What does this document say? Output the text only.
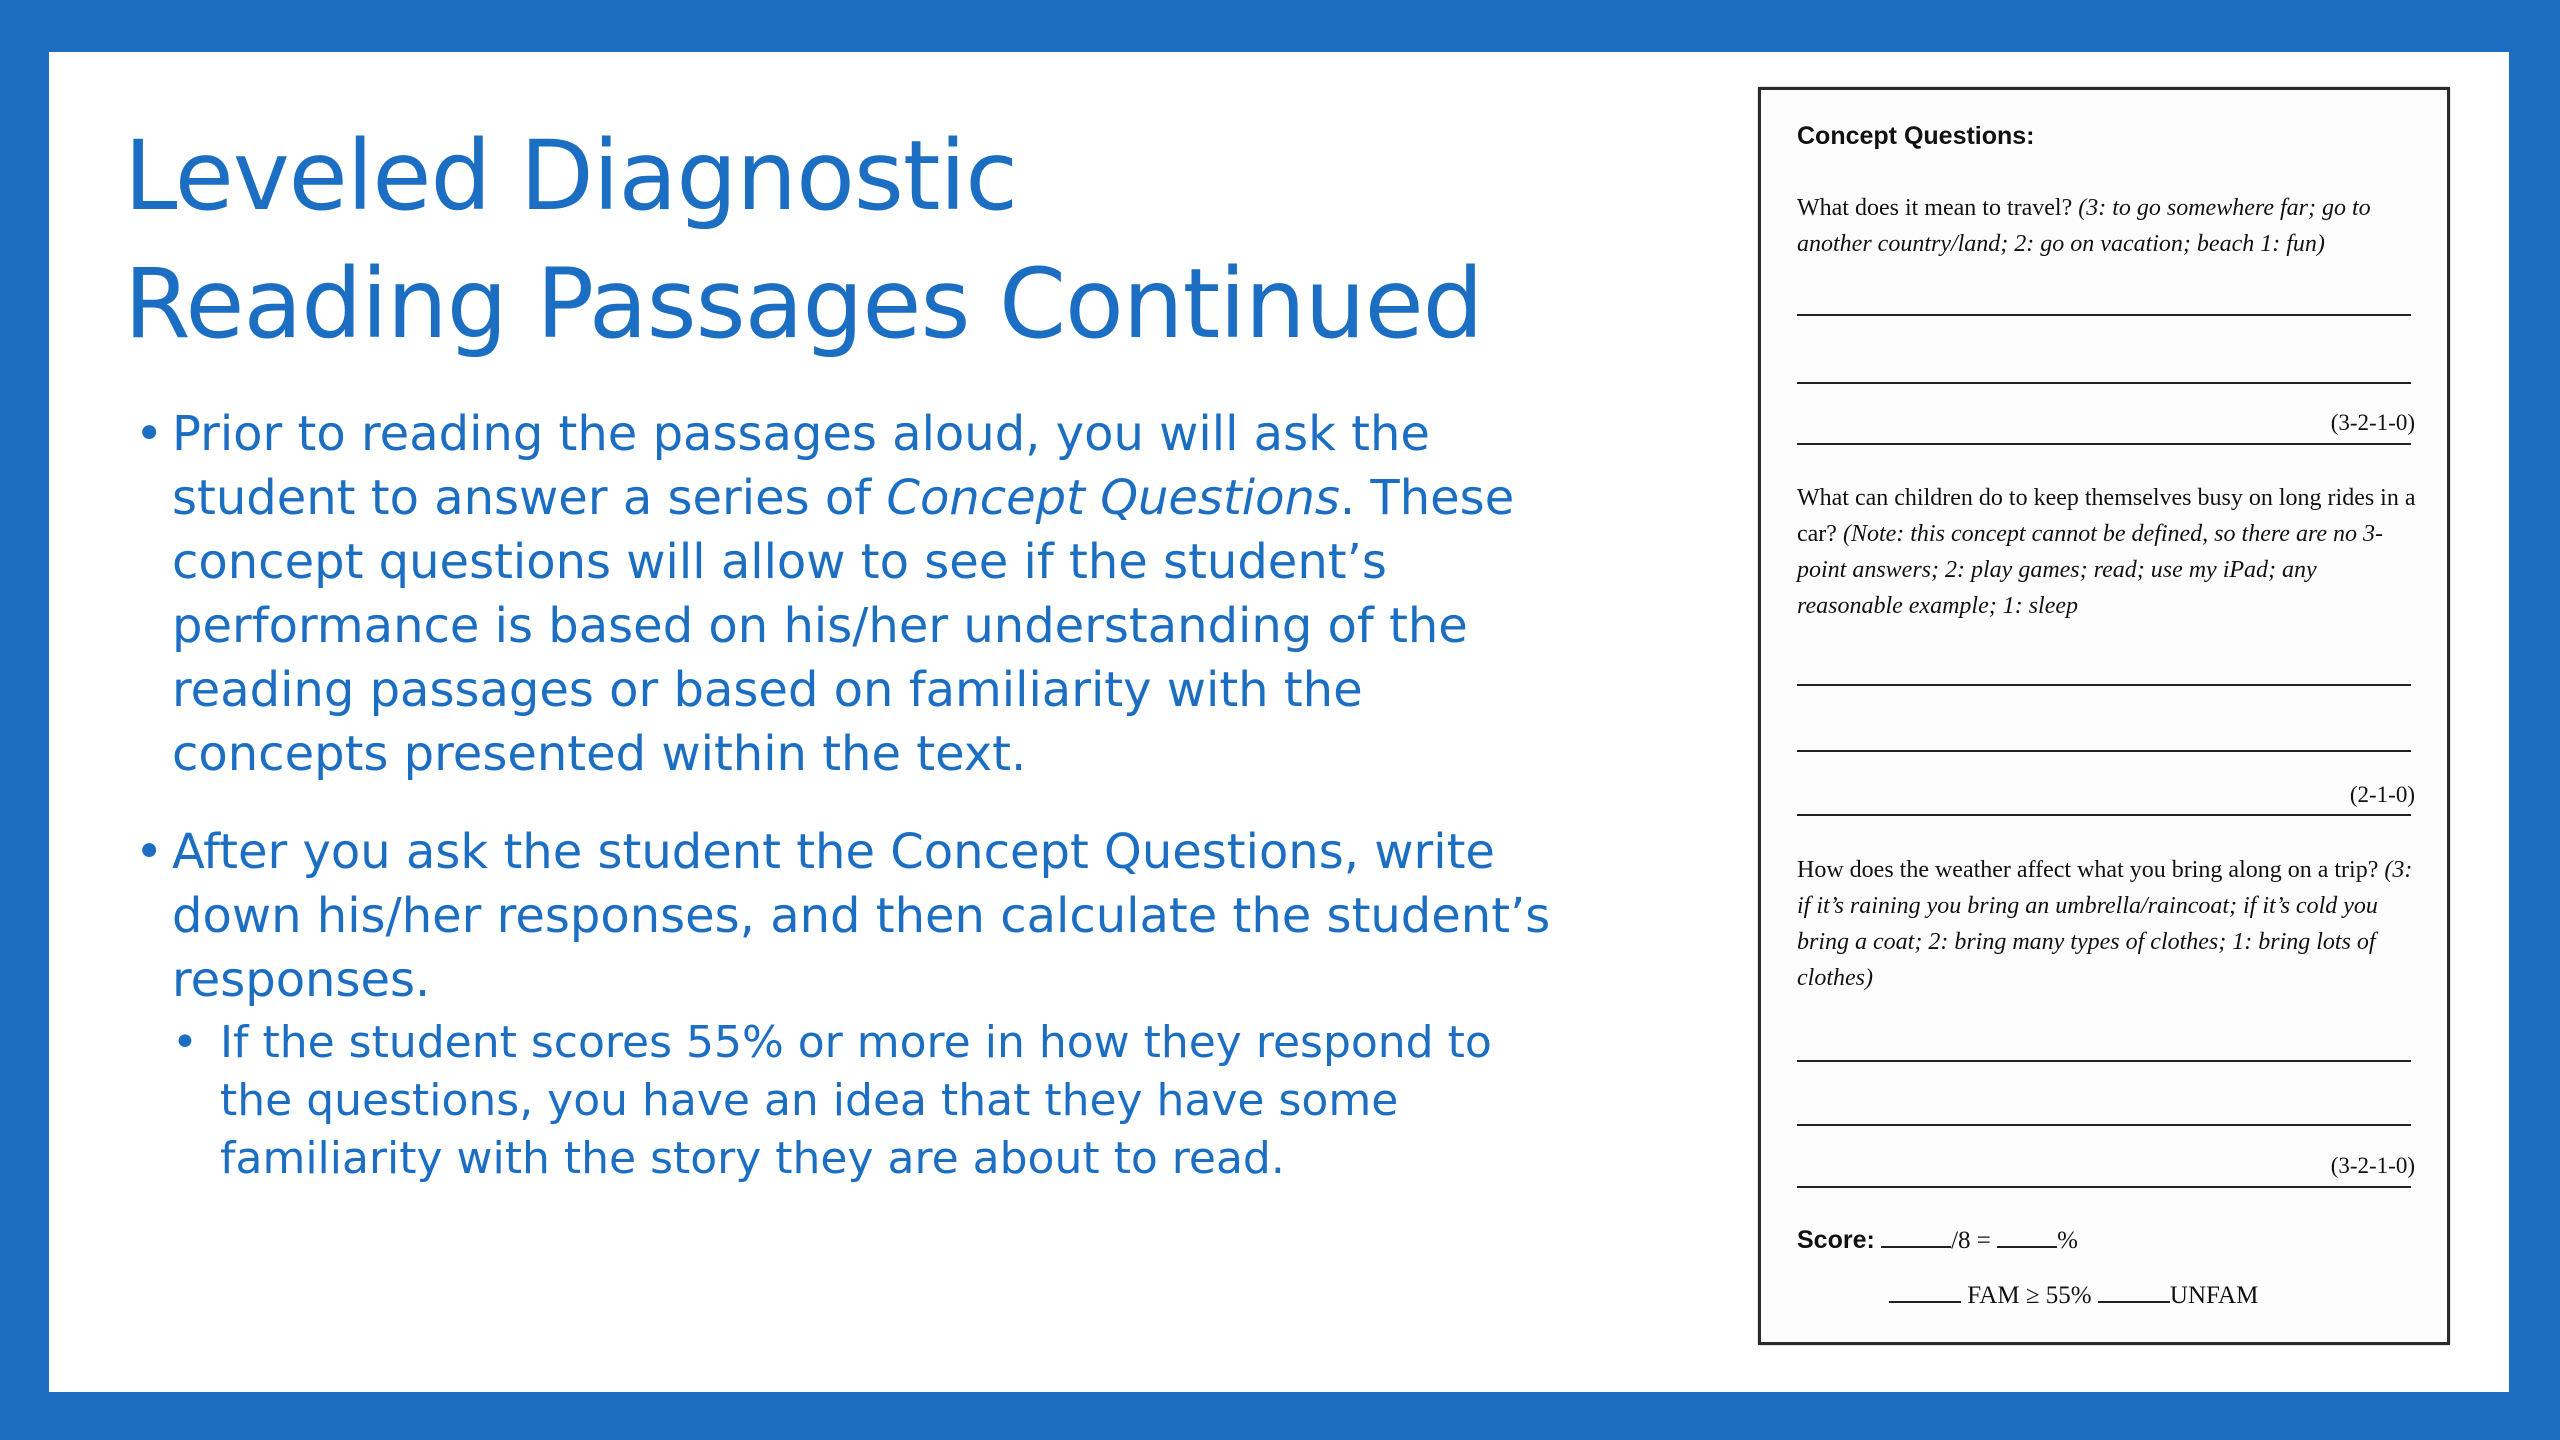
Leveled Diagnostic
Reading Passages Continued
• Prior to reading the passages aloud, you will ask the student to answer a series of Concept Questions. These concept questions will allow to see if the student’s performance is based on his/her understanding of the reading passages or based on familiarity with the concepts presented within the text.
• After you ask the student the Concept Questions, write down his/her responses, and then calculate the student’s responses.
• If the student scores 55% or more in how they respond to the questions, you have an idea that they have some familiarity with the story they are about to read.
Concept Questions:
What does it mean to travel? (3: to go somewhere far; go to another country/land; 2: go on vacation; beach 1: fun)
(3-2-1-0)
What can children do to keep themselves busy on long rides in a car? (Note: this concept cannot be defined, so there are no 3-point answers; 2: play games; read; use my iPad; any reasonable example; 1: sleep
(2-1-0)
How does the weather affect what you bring along on a trip? (3: if it’s raining you bring an umbrella/raincoat; if it’s cold you bring a coat; 2: bring many types of clothes; 1: bring lots of clothes)
(3-2-1-0)
Score:	/8 =	%
FAM ≥ 55%	UNFAM
